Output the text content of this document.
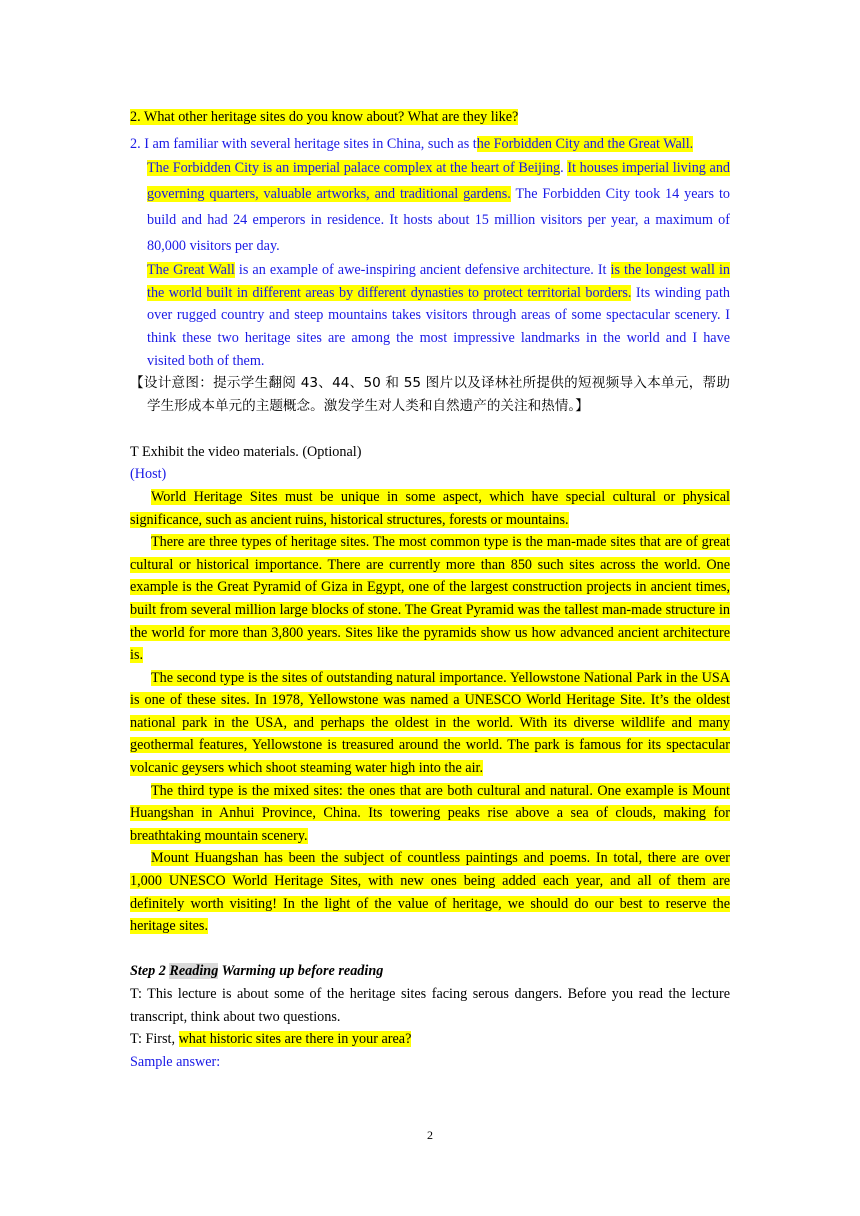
2. What other heritage sites do you know about? What are they like?

2. I am familiar with several heritage sites in China, such as the Forbidden City and the Great Wall.

The Forbidden City is an imperial palace complex at the heart of Beijing. It houses imperial living and governing quarters, valuable artworks, and traditional gardens. The Forbidden City took 14 years to build and had 24 emperors in residence. It hosts about 15 million visitors per year, a maximum of 80,000 visitors per day.

The Great Wall is an example of awe-inspiring ancient defensive architecture. It is the longest wall in the world built in different areas by different dynasties to protect territorial borders. Its winding path over rugged country and steep mountains takes visitors through areas of some spectacular scenery. I think these two heritage sites are among the most impressive landmarks in the world and I have visited both of them.

【设计意图：提示学生翻阅 43、44、50 和 55 图片以及译林社所提供的短视频导入本单元，帮助学生形成本单元的主题概念。激发学生对人类和自然遗产的关注和热情。】

T Exhibit the video materials. (Optional)

(Host)

World Heritage Sites must be unique in some aspect, which have special cultural or physical significance, such as ancient ruins, historical structures, forests or mountains.

There are three types of heritage sites. The most common type is the man-made sites that are of great cultural or historical importance. There are currently more than 850 such sites across the world. One example is the Great Pyramid of Giza in Egypt, one of the largest construction projects in ancient times, built from several million large blocks of stone. The Great Pyramid was the tallest man-made structure in the world for more than 3,800 years. Sites like the pyramids show us how advanced ancient architecture is.

The second type is the sites of outstanding natural importance. Yellowstone National Park in the USA is one of these sites. In 1978, Yellowstone was named a UNESCO World Heritage Site. It’s the oldest national park in the USA, and perhaps the oldest in the world. With its diverse wildlife and many geothermal features, Yellowstone is treasured around the world. The park is famous for its spectacular volcanic geysers which shoot steaming water high into the air.

The third type is the mixed sites: the ones that are both cultural and natural. One example is Mount Huangshan in Anhui Province, China. Its towering peaks rise above a sea of clouds, making for breathtaking mountain scenery.

Mount Huangshan has been the subject of countless paintings and poems. In total, there are over 1,000 UNESCO World Heritage Sites, with new ones being added each year, and all of them are definitely worth visiting! In the light of the value of heritage, we should do our best to reserve the heritage sites.

Step 2 Reading Warming up before reading

T: This lecture is about some of the heritage sites facing serous dangers. Before you read the lecture transcript, think about two questions.

T: First, what historic sites are there in your area?

Sample answer:

2
